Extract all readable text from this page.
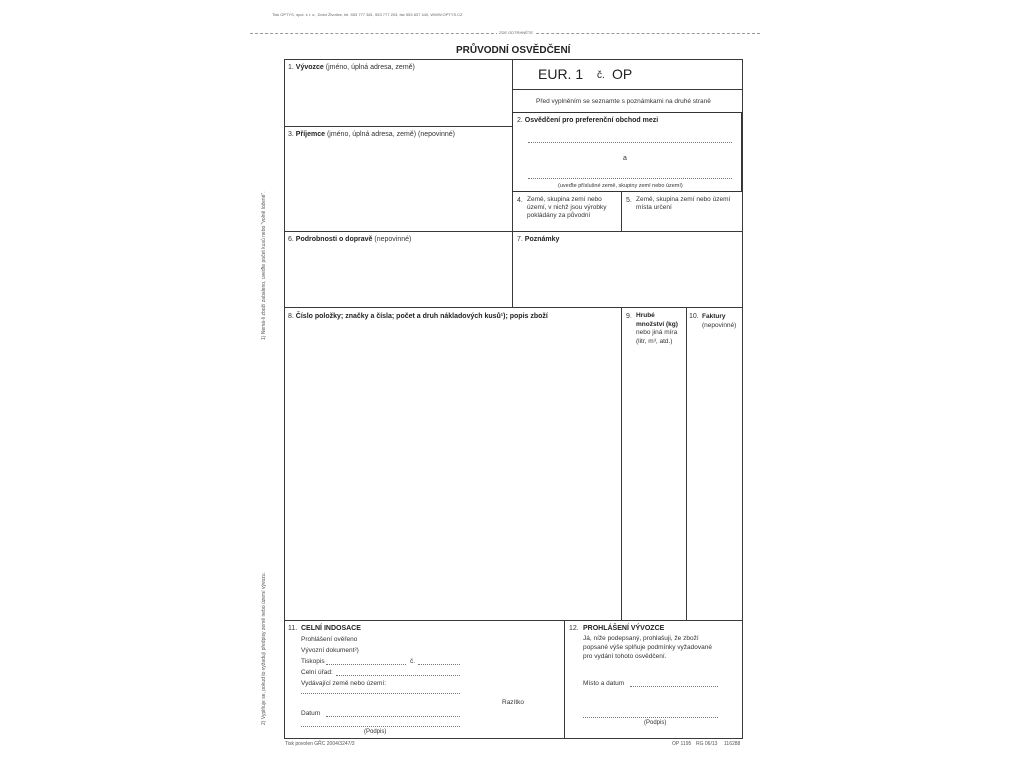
Tisk OPTYS, spol. s r. o., Dolní Životice, tel. 553 777 381, 553 777 203, fax 553 637 440, WWW.OPTYS.CZ
ZDE ODTRHNĚTE
PRŮVODNÍ OSVĚDČENÍ
1) Nemá-li zboží zabaleno, uveďte počet kusů nebo "volně ložené".
2) Vyplňuje se, pokud to vyžadují předpisy země nebo území vývozu.
1. Vývozce (jméno, úplná adresa, země)	EUR. 1 č. OP
Před vyplněním se seznamte s poznámkami na druhé straně
2. Osvědčení pro preferenční obchod mezi
a
(uveďte příslušné země, skupiny zemí nebo území)
3. Příjemce (jméno, úplná adresa, země) (nepovinné)
4. Země, skupina zemí nebo území, v nichž jsou výrobky pokládány za původní
5. Země, skupina zemí nebo území místa určení
6. Podrobnosti o dopravě (nepovinné)	7. Poznámky
8. Číslo položky; značky a čísla; počet a druh nákladových kusů¹); popis zboží	9. Hrubé
množství (kg)
nebo jiná míra
(litr, m³, atd.)
10. Faktury
(nepovinné)
11. CELNÍ INDOSACE
Prohlášení ověřeno
Vývozní dokument²)
Tiskopis	č.
Celní úřad:
Vydávající země nebo území:
Razítko
Datum
(Podpis)
12. PROHLÁŠENÍ VÝVOZCE
Já, níže podepsaný, prohlašuji, že zboží
popsané výše splňuje podmínky vyžadované
pro vydání tohoto osvědčení.
Místo a datum
(Podpis)
Tisk povolen GŘC 2004/3247/3	OP 1195 RG 06/13 116288
